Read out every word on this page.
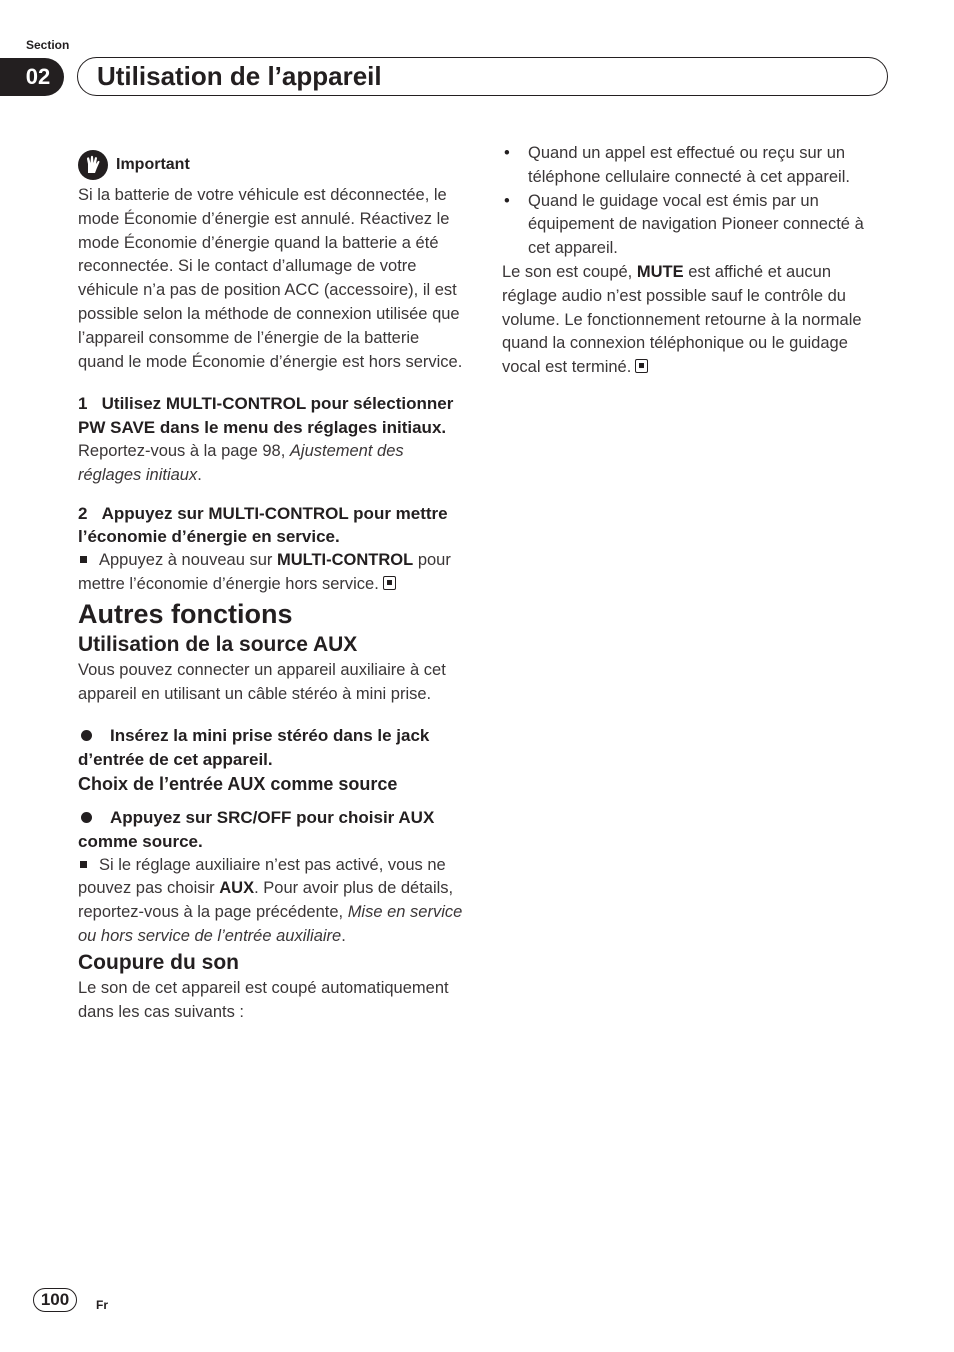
Section
02	Utilisation de l’appareil
Important

Si la batterie de votre véhicule est déconnectée, le mode Économie d’énergie est annulé. Réactivez le mode Économie d’énergie quand la batterie a été reconnectée. Si le contact d’allumage de votre véhicule n’a pas de position ACC (accessoire), il est possible selon la méthode de connexion utilisée que l’appareil consomme de l’énergie de la batterie quand le mode Économie d’énergie est hors service.

1 Utilisez MULTI-CONTROL pour sélectionner PW SAVE dans le menu des réglages initiaux.

Reportez-vous à la page 98, Ajustement des réglages initiaux.

2 Appuyez sur MULTI-CONTROL pour mettre l’économie d’énergie en service.

Appuyez à nouveau sur MULTI-CONTROL pour mettre l’économie d’énergie hors service.

Autres fonctions
Utilisation de la source AUX

Vous pouvez connecter un appareil auxiliaire à cet appareil en utilisant un câble stéréo à mini prise.

Insérez la mini prise stéréo dans le jack d’entrée de cet appareil.

Choix de l’entrée AUX comme source

Appuyez sur SRC/OFF pour choisir AUX comme source.

Si le réglage auxiliaire n’est pas activé, vous ne pouvez pas choisir AUX. Pour avoir plus de détails, reportez-vous à la page précédente, Mise en service ou hors service de l’entrée auxiliaire.

Coupure du son

Le son de cet appareil est coupé automatiquement dans les cas suivants :

• Quand un appel est effectué ou reçu sur un téléphone cellulaire connecté à cet appareil.

• Quand le guidage vocal est émis par un équipement de navigation Pioneer connecté à cet appareil.

Le son est coupé, MUTE est affiché et aucun réglage audio n’est possible sauf le contrôle du volume. Le fonctionnement retourne à la normale quand la connexion téléphonique ou le guidage vocal est terminé.

100	Fr
